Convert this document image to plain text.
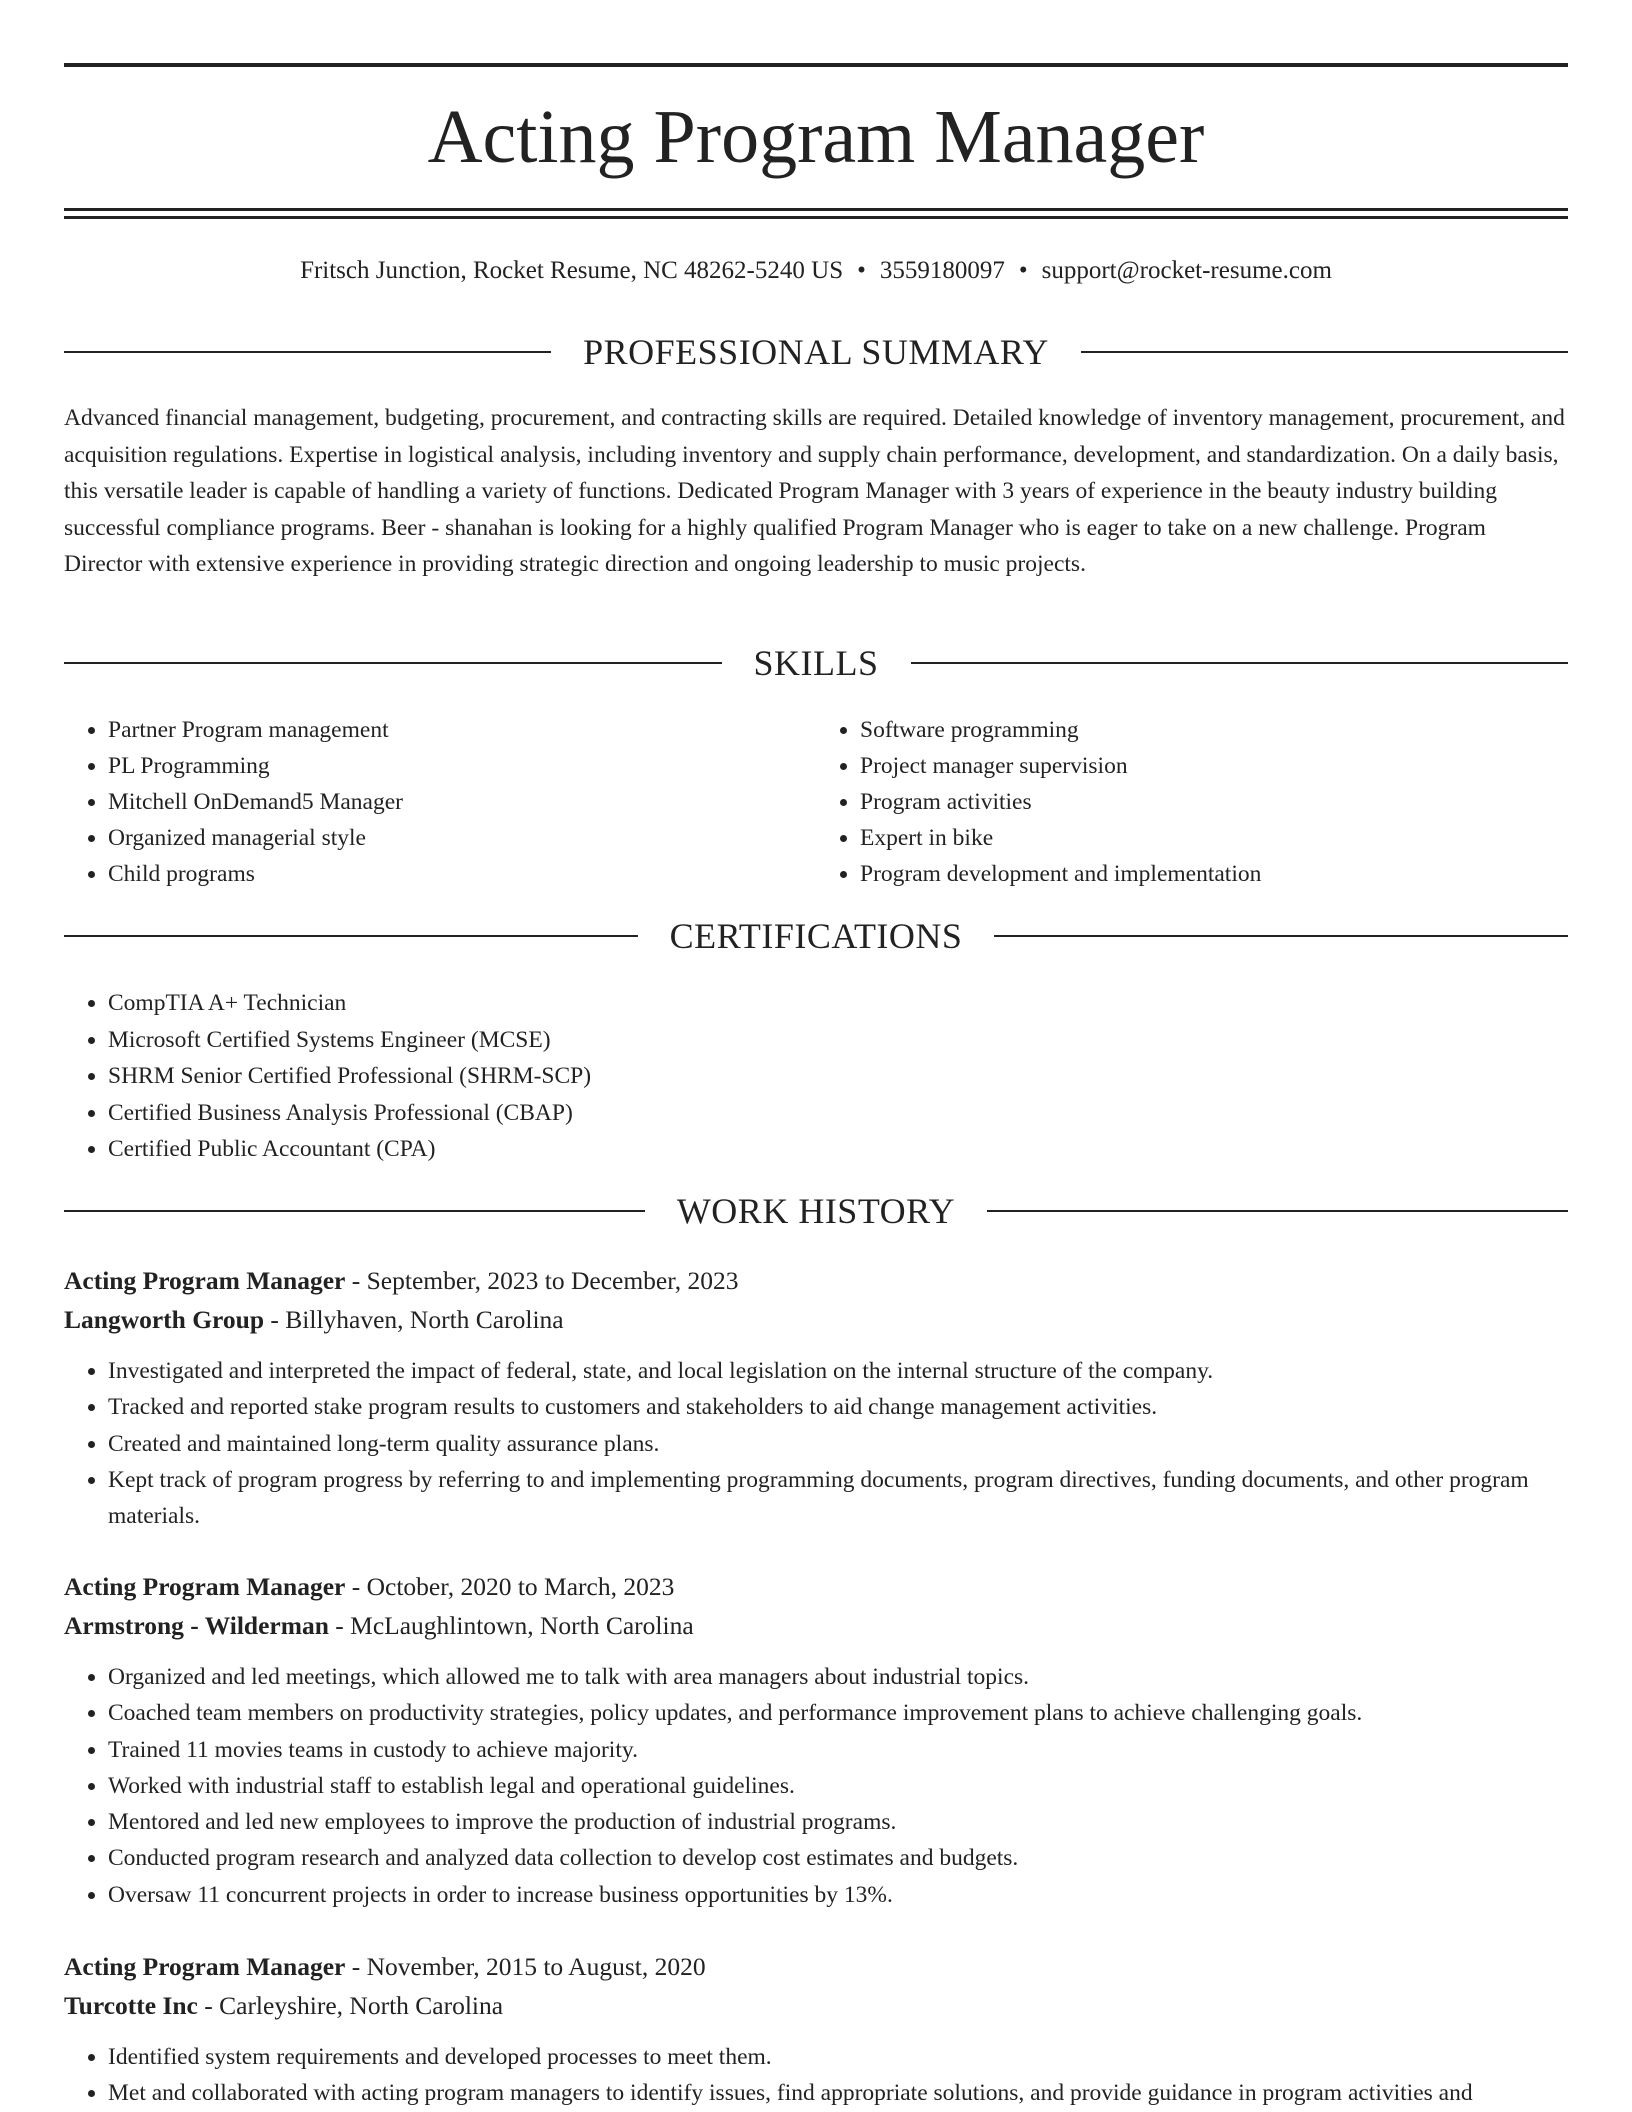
Acting Program Manager
Fritsch Junction, Rocket Resume, NC 48262-5240 US • 3559180097 • support@rocket-resume.com
PROFESSIONAL SUMMARY

Advanced financial management, budgeting, procurement, and contracting skills are required. Detailed knowledge of inventory management, procurement, and acquisition regulations. Expertise in logistical analysis, including inventory and supply chain performance, development, and standardization. On a daily basis, this versatile leader is capable of handling a variety of functions. Dedicated Program Manager with 3 years of experience in the beauty industry building successful compliance programs. Beer - shanahan is looking for a highly qualified Program Manager who is eager to take on a new challenge. Program Director with extensive experience in providing strategic direction and ongoing leadership to music projects.

SKILLS
• Partner Program management
• PL Programming
• Mitchell OnDemand5 Manager
• Organized managerial style
• Child programs
• Software programming
• Project manager supervision
• Program activities
• Expert in bike
• Program development and implementation
CERTIFICATIONS
• CompTIA A+ Technician
• Microsoft Certified Systems Engineer (MCSE)
• SHRM Senior Certified Professional (SHRM-SCP)
• Certified Business Analysis Professional (CBAP)
• Certified Public Accountant (CPA)
WORK HISTORY
Acting Program Manager - September, 2023 to December, 2023
Langworth Group - Billyhaven, North Carolina
• Investigated and interpreted the impact of federal, state, and local legislation on the internal structure of the company.
• Tracked and reported stake program results to customers and stakeholders to aid change management activities.
• Created and maintained long-term quality assurance plans.
• Kept track of program progress by referring to and implementing programming documents, program directives, funding documents, and other program materials.
Acting Program Manager - October, 2020 to March, 2023
Armstrong - Wilderman - McLaughlintown, North Carolina
• Organized and led meetings, which allowed me to talk with area managers about industrial topics.
• Coached team members on productivity strategies, policy updates, and performance improvement plans to achieve challenging goals.
• Trained 11 movies teams in custody to achieve majority.
• Worked with industrial staff to establish legal and operational guidelines.
• Mentored and led new employees to improve the production of industrial programs.
• Conducted program research and analyzed data collection to develop cost estimates and budgets.
• Oversaw 11 concurrent projects in order to increase business opportunities by 13%.
Acting Program Manager - November, 2015 to August, 2020
Turcotte Inc - Carleyshire, North Carolina
• Identified system requirements and developed processes to meet them.
• Met and collaborated with acting program managers to identify issues, find appropriate solutions, and provide guidance in program activities and
